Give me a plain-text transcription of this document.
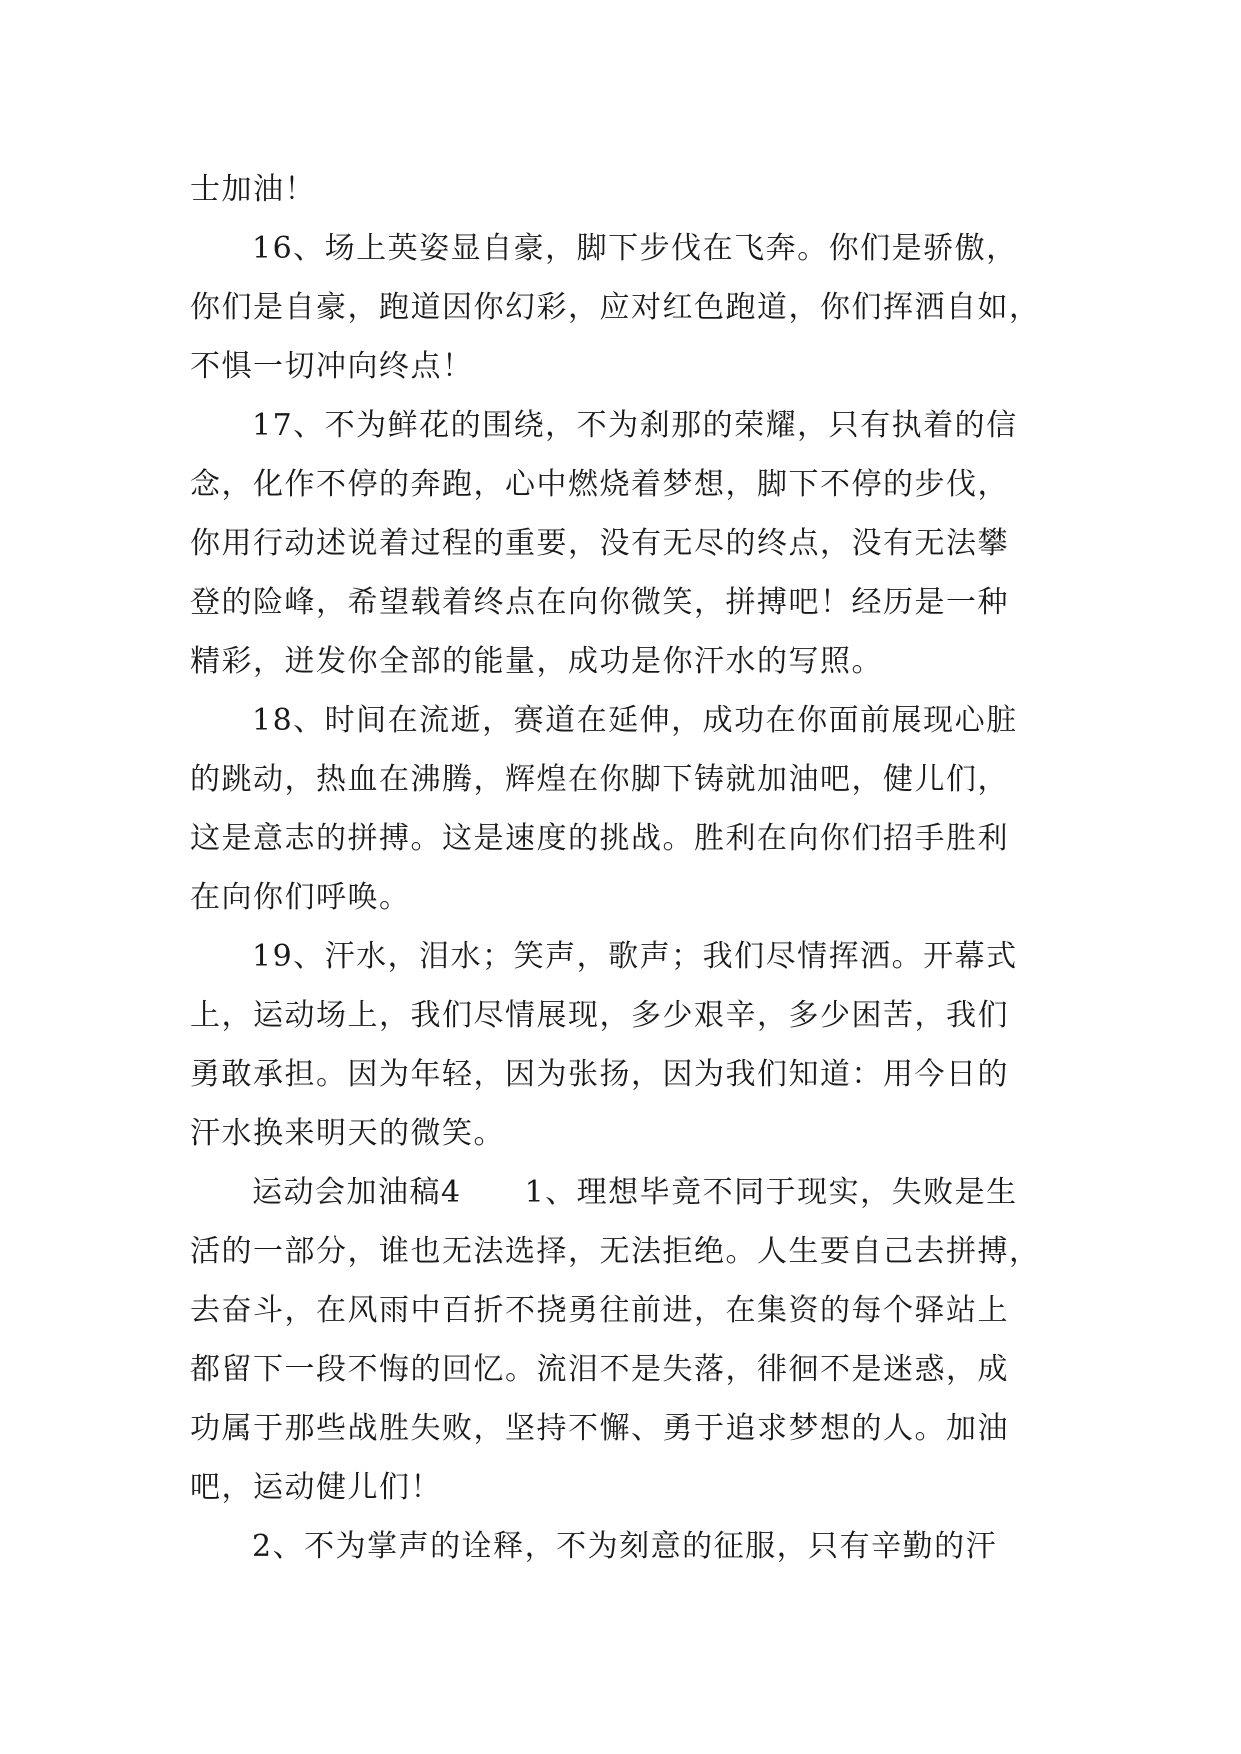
士加油！
16、场上英姿显自豪，脚下步伐在飞奔。你们是骄傲，
你们是自豪，跑道因你幻彩，应对红色跑道，你们挥洒自如，
不惧一切冲向终点！
17、不为鲜花的围绕，不为刹那的荣耀，只有执着的信
念，化作不停的奔跑，心中燃烧着梦想，脚下不停的步伐，
你用行动述说着过程的重要，没有无尽的终点，没有无法攀
登的险峰，希望载着终点在向你微笑，拼搏吧！经历是一种
精彩，迸发你全部的能量，成功是你汗水的写照。
18、时间在流逝，赛道在延伸，成功在你面前展现心脏
的跳动，热血在沸腾，辉煌在你脚下铸就加油吧，健儿们，
这是意志的拼搏。这是速度的挑战。胜利在向你们招手胜利
在向你们呼唤。
19、汗水，泪水；笑声，歌声；我们尽情挥洒。开幕式
上，运动场上，我们尽情展现，多少艰辛，多少困苦，我们
勇敢承担。因为年轻，因为张扬，因为我们知道：用今日的
汗水换来明天的微笑。
运动会加油稿4　　1、理想毕竟不同于现实，失败是生
活的一部分，谁也无法选择，无法拒绝。人生要自己去拼搏，
去奋斗，在风雨中百折不挠勇往前进，在集资的每个驿站上
都留下一段不悔的回忆。流泪不是失落，徘徊不是迷惑，成
功属于那些战胜失败，坚持不懈、勇于追求梦想的人。加油
吧，运动健儿们！
2、不为掌声的诠释，不为刻意的征服，只有辛勤的汗
